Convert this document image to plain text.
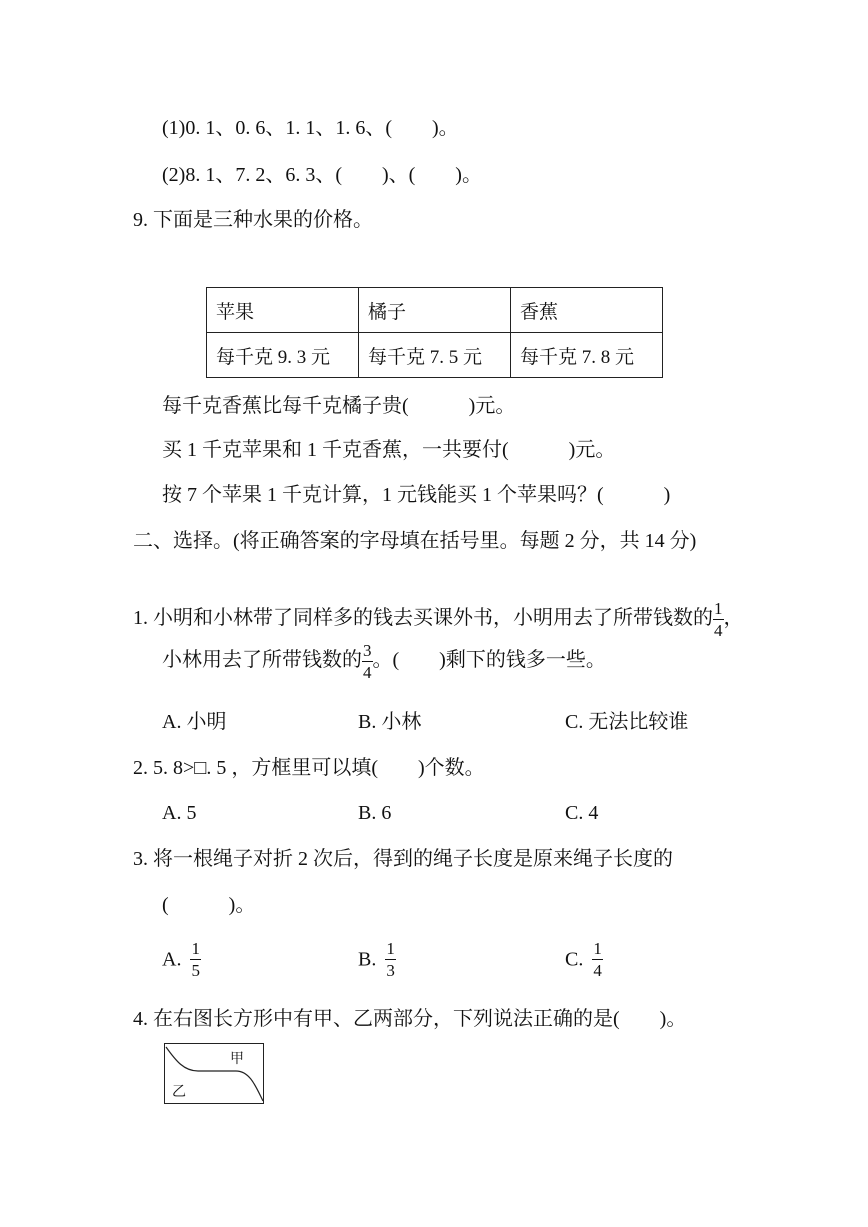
(1)0. 1、0. 6、1. 1、1. 6、(　　)。
(2)8. 1、7. 2、6. 3、(　　)、(　　)。
9. 下面是三种水果的价格。
苹果	橘子	香蕉
每千克 9. 3 元	每千克 7. 5 元	每千克 7. 8 元
每千克香蕉比每千克橘子贵(　　　)元。
买 1 千克苹果和 1 千克香蕉，一共要付(　　　)元。
按 7 个苹果 1 千克计算，1 元钱能买 1 个苹果吗？(　　　)
二、选择。(将正确答案的字母填在括号里。每题 2 分，共 14 分)
1. 小明和小林带了同样多的钱去买课外书，小明用去了所带钱数的 $\frac{1}{4}$ ，
小林用去了所带钱数的 $\frac{3}{4}$ 。(　　)剩下的钱多一些。
A. 小明	B. 小林	C. 无法比较谁
2. 5. 8>□. 5 ，方框里可以填(　　)个数。
A. 5	B. 6	C. 4
3. 将一根绳子对折 2 次后，得到的绳子长度是原来绳子长度的
(　　　)。
A. $\frac{1}{5}$	B. $\frac{1}{3}$	C. $\frac{1}{4}$
4. 在右图长方形中有甲、乙两部分，下列说法正确的是(　　)。
甲
乙
